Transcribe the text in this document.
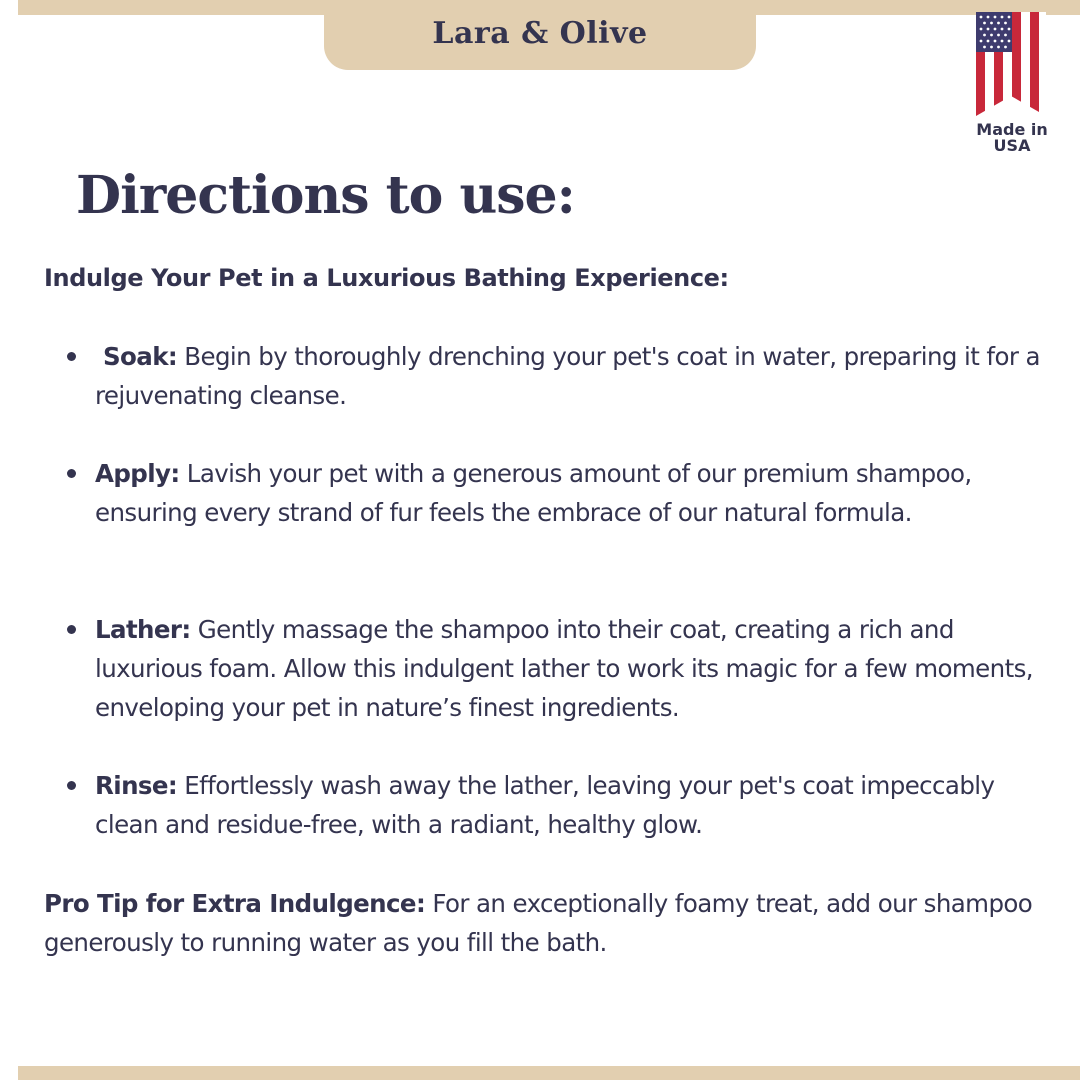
Lara & Olive
Made in
USA
Directions to use:

Indulge Your Pet in a Luxurious Bathing Experience:

Soak: Begin by thoroughly drenching your pet's coat in water, preparing it for a rejuvenating cleanse.
Apply: Lavish your pet with a generous amount of our premium shampoo, ensuring every strand of fur feels the embrace of our natural formula.
Lather: Gently massage the shampoo into their coat, creating a rich and luxurious foam. Allow this indulgent lather to work its magic for a few moments, enveloping your pet in nature’s finest ingredients.
Rinse: Effortlessly wash away the lather, leaving your pet's coat impeccably clean and residue-free, with a radiant, healthy glow.

Pro Tip for Extra Indulgence: For an exceptionally foamy treat, add our shampoo generously to running water as you fill the bath.
